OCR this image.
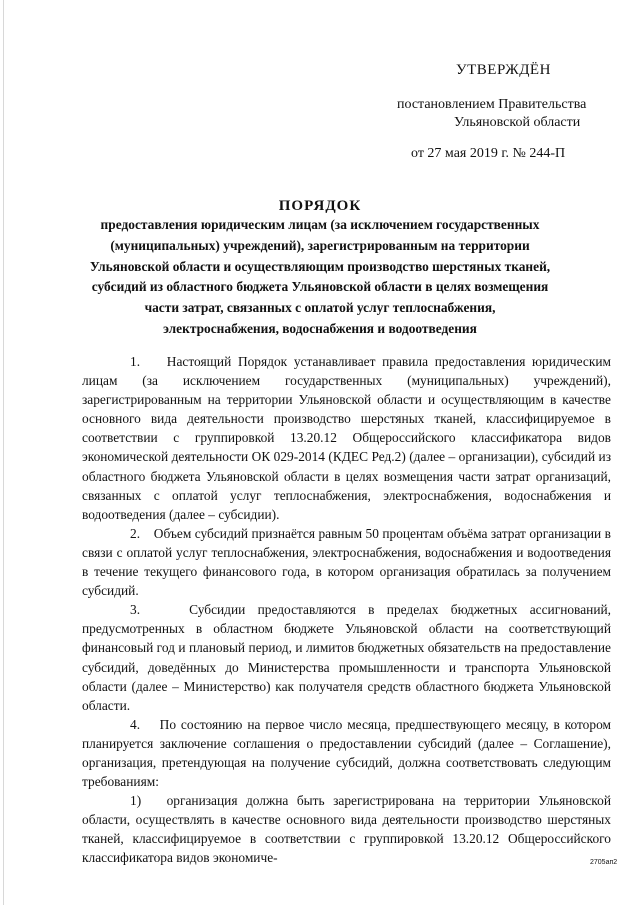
УТВЕРЖДЁН
постановлением Правительства
Ульяновской области
от 27 мая 2019 г. № 244-П
ПОРЯДОК
предоставления юридическим лицам (за исключением государственных (муниципальных) учреждений), зарегистрированным на территории Ульяновской области и осуществляющим производство шерстяных тканей, субсидий из областного бюджета Ульяновской области в целях возмещения части затрат, связанных с оплатой услуг теплоснабжения, электроснабжения, водоснабжения и водоотведения

1.    Настоящий Порядок устанавливает правила предоставления юридическим лицам (за исключением государственных (муниципальных) учреждений), зарегистрированным на территории Ульяновской области и осуществляющим в качестве основного вида деятельности производство шерстяных тканей, классифицируемое в соответствии с группировкой 13.20.12 Общероссийского классификатора видов экономической деятельности ОК 029-2014 (КДЕС Ред.2) (далее – организации), субсидий из областного бюджета Ульяновской области в целях возмещения части затрат организаций, связанных с оплатой услуг теплоснабжения, электроснабжения, водоснабжения и водоотведения (далее – субсидии).

2.    Объем субсидий признаётся равным 50 процентам объёма затрат организации в связи с оплатой услуг теплоснабжения, электроснабжения, водоснабжения и водоотведения в течение текущего финансового года, в котором организация обратилась за получением субсидий.

3.    Субсидии предоставляются в пределах бюджетных ассигнований, предусмотренных в областном бюджете Ульяновской области на соответствующий финансовый год и плановый период, и лимитов бюджетных обязательств на предоставление субсидий, доведённых до Министерства промышленности и транспорта Ульяновской области (далее – Министерство) как получателя средств областного бюджета Ульяновской области.

4.    По состоянию на первое число месяца, предшествующего месяцу, в котором планируется заключение соглашения о предоставлении субсидий (далее – Соглашение), организация, претендующая на получение субсидий, должна соответствовать следующим требованиям:

1)   организация должна быть зарегистрирована на территории Ульяновской области, осуществлять в качестве основного вида деятельности производство шерстяных тканей, классифицируемое в соответствии с группировкой 13.20.12 Общероссийского классификатора видов экономиче-	2705ап2
